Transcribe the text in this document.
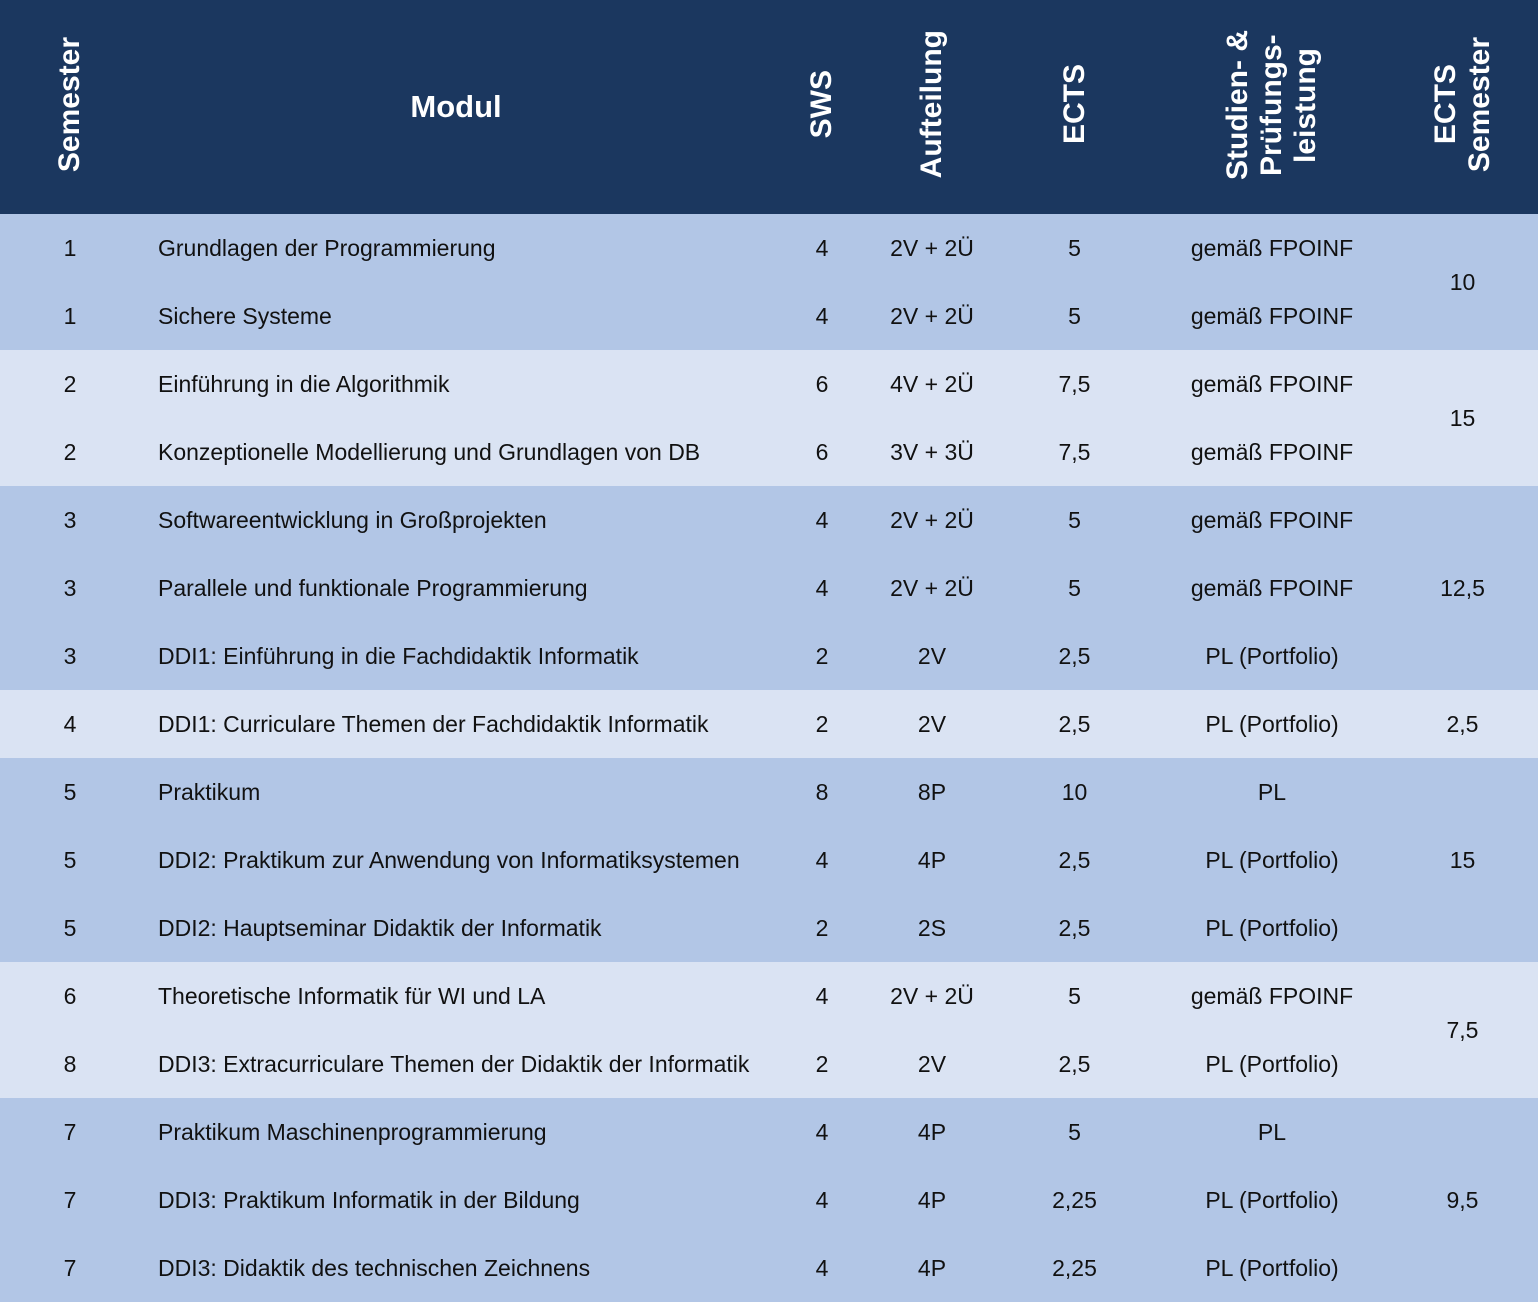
Semester	Modul	SWS	Aufteilung	ECTS	Studien- &
Prüfungs-
leistung	ECTS
Semester
1	Grundlagen der Programmierung	4	2V + 2Ü	5	gemäß FPOINF	10
1	Sichere Systeme	4	2V + 2Ü	5	gemäß FPOINF	
2	Einführung in die Algorithmik	6	4V + 2Ü	7,5	gemäß FPOINF	15
2	Konzeptionelle Modellierung und Grundlagen von DB	6	3V + 3Ü	7,5	gemäß FPOINF	
3	Softwareentwicklung in Großprojekten	4	2V + 2Ü	5	gemäß FPOINF	12,5
3	Parallele und funktionale Programmierung	4	2V + 2Ü	5	gemäß FPOINF	
3	DDI1: Einführung in die Fachdidaktik Informatik	2	2V	2,5	PL (Portfolio)	
4	DDI1: Curriculare Themen der Fachdidaktik Informatik	2	2V	2,5	PL (Portfolio)	2,5
5	Praktikum	8	8P	10	PL	15
5	DDI2: Praktikum zur Anwendung von Informatiksystemen	4	4P	2,5	PL (Portfolio)	
5	DDI2: Hauptseminar Didaktik der Informatik	2	2S	2,5	PL (Portfolio)	
6	Theoretische Informatik für WI und LA	4	2V + 2Ü	5	gemäß FPOINF	7,5
8	DDI3: Extracurriculare Themen der Didaktik der Informatik	2	2V	2,5	PL (Portfolio)	
7	Praktikum Maschinenprogrammierung	4	4P	5	PL	9,5
7	DDI3: Praktikum Informatik in der Bildung	4	4P	2,25	PL (Portfolio)	
7	DDI3: Didaktik des technischen Zeichnens	4	4P	2,25	PL (Portfolio)	
